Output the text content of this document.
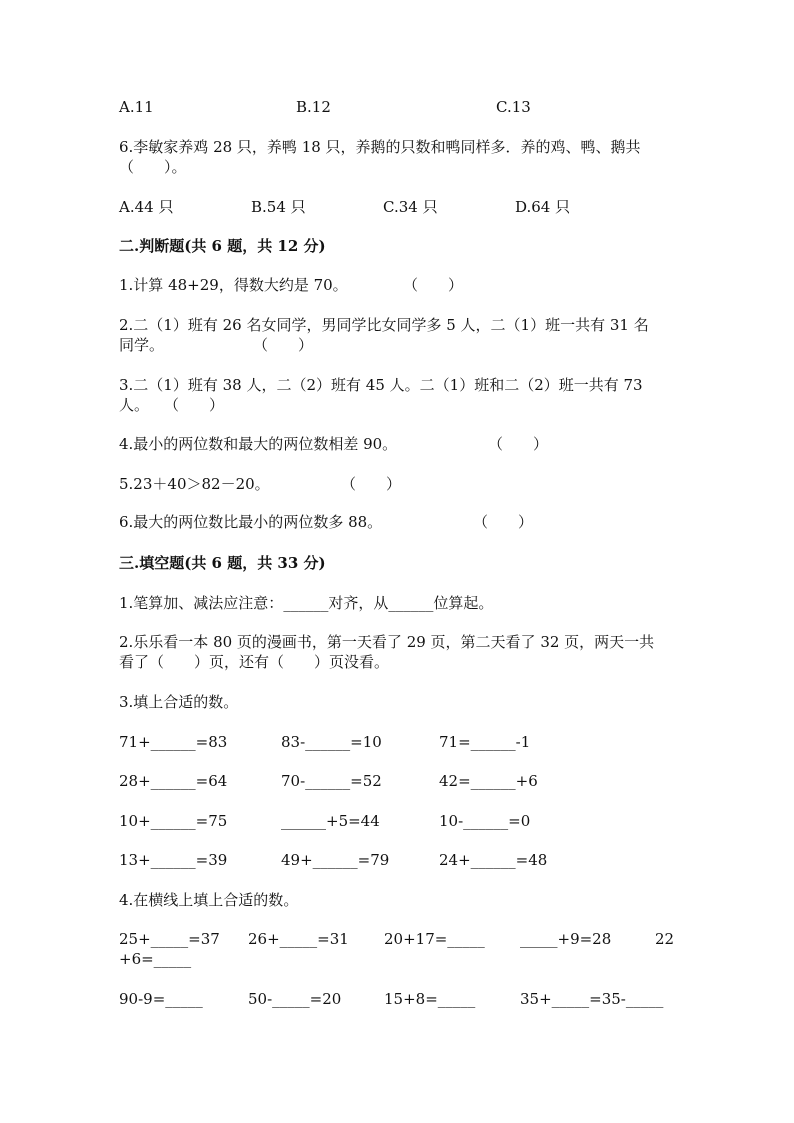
A.11	B.12	C.13
6.李敏家养鸡 28 只，养鸭 18 只，养鹅的只数和鸭同样多．养的鸡、鸭、鹅共
（　　）。
A.44 只	B.54 只	C.34 只	D.64 只
二.判断题(共 6 题，共 12 分)
1.计算 48+29，得数大约是 70。	（　　）
2.二（1）班有 26 名女同学，男同学比女同学多 5 人，二（1）班一共有 31 名
同学。	（　　）
3.二（1）班有 38 人，二（2）班有 45 人。二（1）班和二（2）班一共有 73
人。 （　　）
4.最小的两位数和最大的两位数相差 90。	（　　）
5.23＋40＞82－20。	（　　）
6.最大的两位数比最小的两位数多 88。	（　　）
三.填空题(共 6 题，共 33 分)
1.笔算加、减法应注意：______对齐，从______位算起。
2.乐乐看一本 80 页的漫画书，第一天看了 29 页，第二天看了 32 页，两天一共
看了（　　）页，还有（　　）页没看。
3.填上合适的数。
71+______=83	83-______=10	71=______-1
28+______=64	70-______=52	42=______+6
10+______=75	______+5=44	10-______=0
13+______=39	49+______=79	24+______=48
4.在横线上填上合适的数。
25+_____=37 26+_____=31 20+17=_____ _____+9=28	22
+6=_____
90-9=_____	50-_____=20	15+8=_____	35+_____=35-_____
